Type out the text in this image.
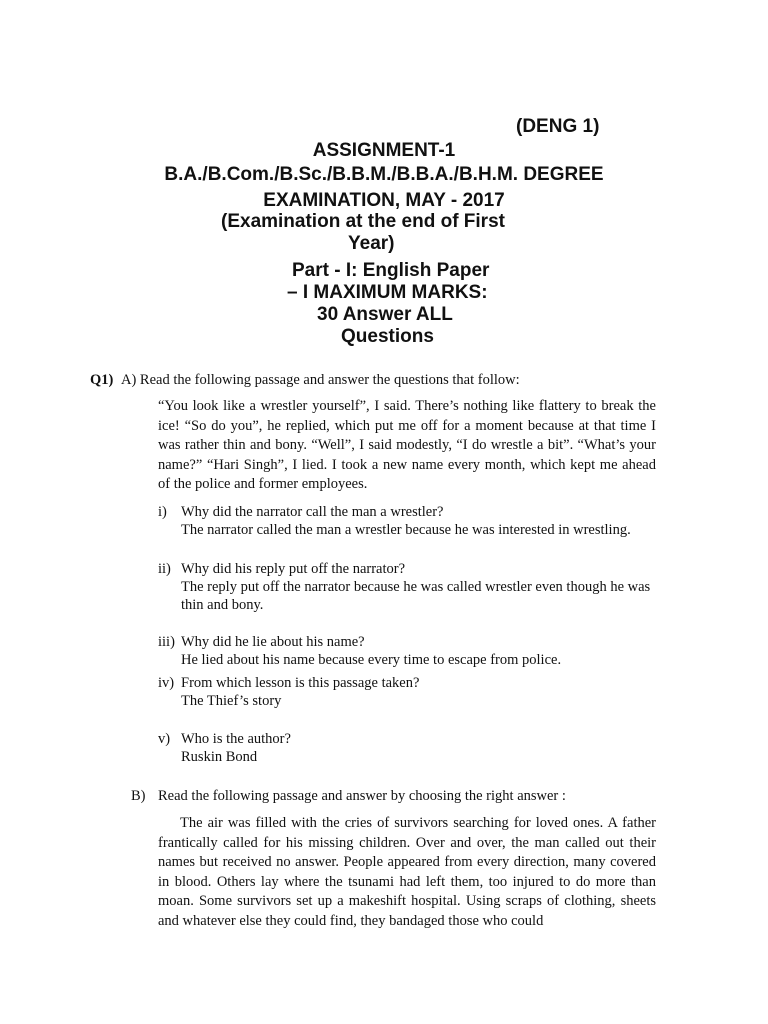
(DENG 1)
ASSIGNMENT-1
B.A./B.Com./B.Sc./B.B.M./B.B.A./B.H.M. DEGREE
EXAMINATION, MAY - 2017
(Examination at the end of First
Year)
Part - I: English Paper
– I MAXIMUM MARKS:
30 Answer ALL
Questions
Q1) A) Read the following passage and answer the questions that follow:

“You look like a wrestler yourself”, I said. There’s nothing like flattery to break the ice! “So do you”, he replied, which put me off for a moment because at that time I was rather thin and bony. “Well”, I said modestly, “I do wrestle a bit”. “What’s your name?” “Hari Singh”, I lied. I took a new name every month, which kept me ahead of the police and former employees.

i) Why did the narrator call the man a wrestler?
The narrator called the man a wrestler because he was interested in wrestling.
ii) Why did his reply put off the narrator?
The reply put off the narrator because he was called wrestler even though he was thin and bony.
iii) Why did he lie about his name?
He lied about his name because every time to escape from police.
iv) From which lesson is this passage taken?
The Thief’s story
v) Who is the author?
Ruskin Bond
B) Read the following passage and answer by choosing the right answer :

The air was filled with the cries of survivors searching for loved ones. A father frantically called for his missing children. Over and over, the man called out their names but received no answer. People appeared from every direction, many covered in blood. Others lay where the tsunami had left them, too injured to do more than moan. Some survivors set up a makeshift hospital. Using scraps of clothing, sheets and whatever else they could find, they bandaged those who could
